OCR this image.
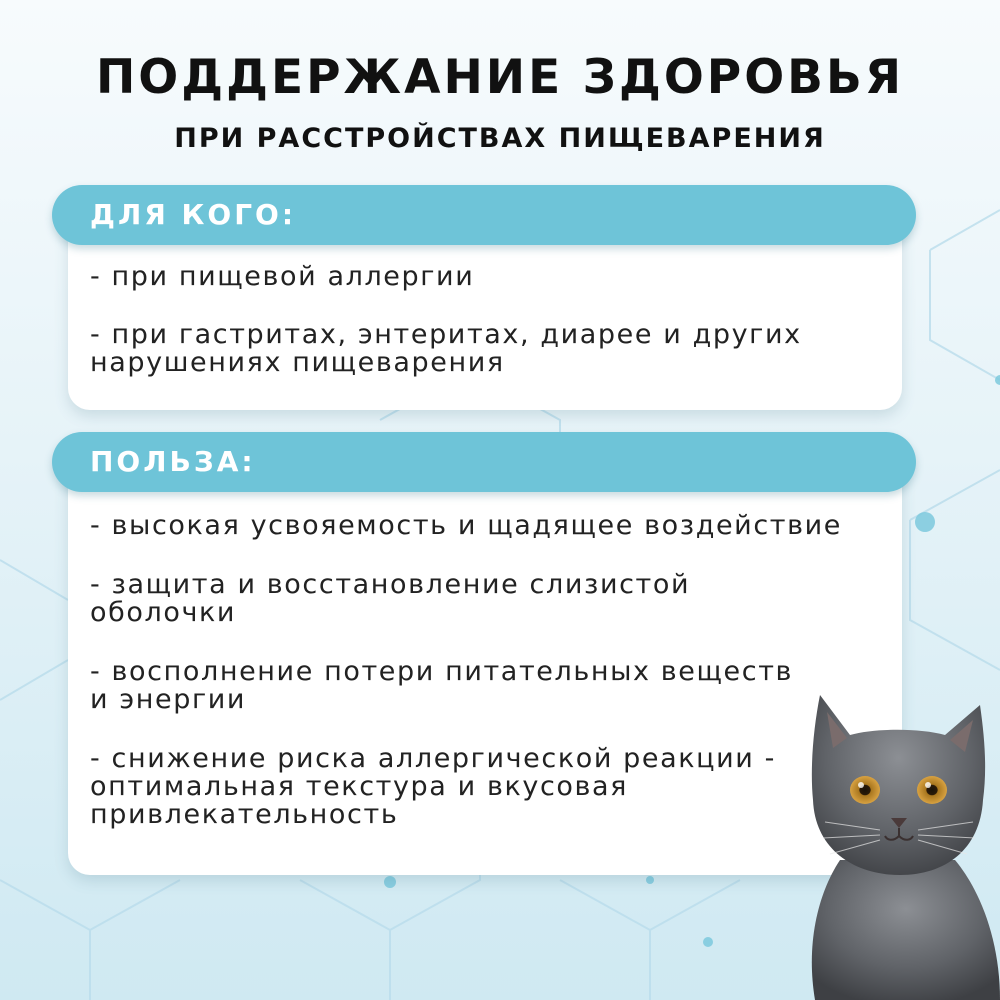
ПОДДЕРЖАНИЕ ЗДОРОВЬЯ
ПРИ РАССТРОЙСТВАХ ПИЩЕВАРЕНИЯ
- при пищевой аллергии
- при гастритах, энтеритах, диарее и других
нарушениях пищеварения
ДЛЯ КОГО:
- высокая усвояемость и щадящее воздействие
- защита и восстановление слизистой
оболочки
- восполнение потери питательных веществ
и энергии
- снижение риска аллергической реакции -
оптимальная текстура и вкусовая
привлекательность
ПОЛЬЗА:
